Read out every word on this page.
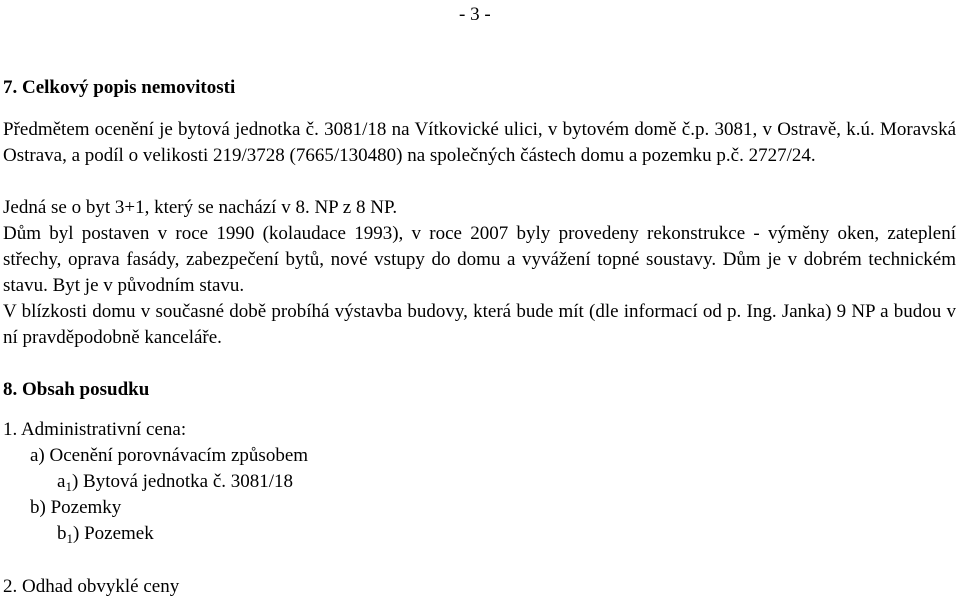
- 3 -
7. Celkový popis nemovitosti
Předmětem ocenění je bytová jednotka č. 3081/18 na Vítkovické ulici, v bytovém domě č.p. 3081, v Ostravě, k.ú. Moravská Ostrava, a podíl o velikosti 219/3728 (7665/130480) na společných částech domu a pozemku p.č. 2727/24.
Jedná se o byt 3+1, který se nachází v 8. NP z 8 NP.
Dům byl postaven v roce 1990 (kolaudace 1993), v roce 2007 byly provedeny rekonstrukce - výměny oken, zateplení střechy, oprava fasády, zabezpečení bytů, nové vstupy do domu a vyvážení topné soustavy. Dům je v dobrém technickém stavu. Byt je v původním stavu.
V blízkosti domu v současné době probíhá výstavba budovy, která bude mít (dle informací od p. Ing. Janka) 9 NP a budou v ní pravděpodobně kanceláře.
8. Obsah posudku
1. Administrativní cena:
a) Ocenění porovnávacím způsobem
$a_1$) Bytová jednotka č. 3081/18
b) Pozemky
$b_1$) Pozemek
2. Odhad obvyklé ceny
